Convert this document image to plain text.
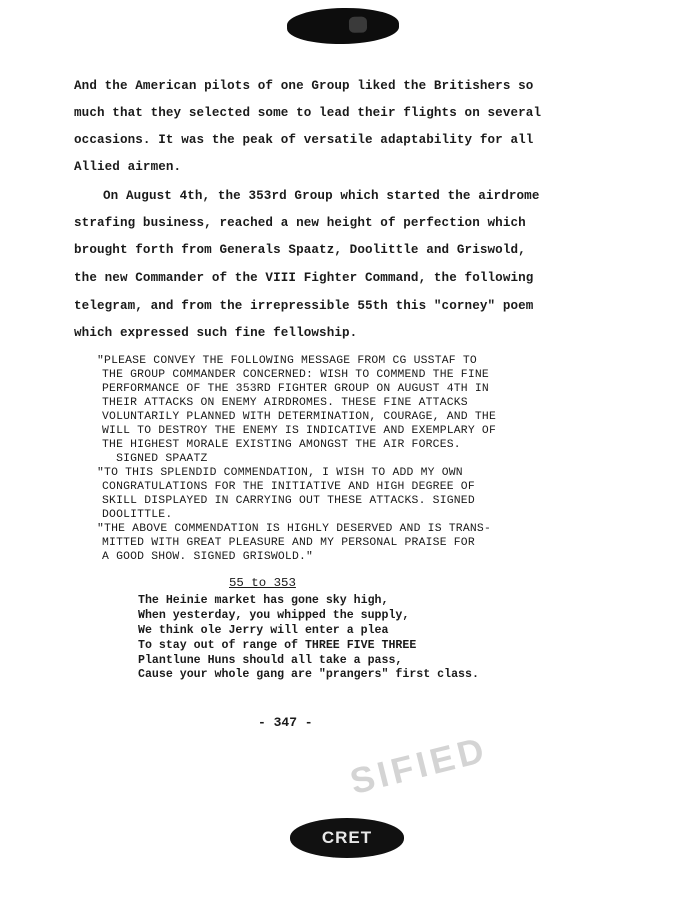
And the American pilots of one Group liked the Britishers so

much that they selected some to lead their flights on several

occasions. It was the peak of versatile adaptability for all

Allied airmen.

On August 4th, the 353rd Group which started the airdrome

strafing business, reached a new height of perfection which

brought forth from Generals Spaatz, Doolittle and Griswold,

the new Commander of the VIII Fighter Command, the following

telegram, and from the irrepressible 55th this "corney" poem

which expressed such fine fellowship.

"PLEASE CONVEY THE FOLLOWING MESSAGE FROM CG USSTAF TO

THE GROUP COMMANDER CONCERNED: WISH TO COMMEND THE FINE

PERFORMANCE OF THE 353RD FIGHTER GROUP ON AUGUST 4TH IN

THEIR ATTACKS ON ENEMY AIRDROMES. THESE FINE ATTACKS

VOLUNTARILY PLANNED WITH DETERMINATION, COURAGE, AND THE

WILL TO DESTROY THE ENEMY IS INDICATIVE AND EXEMPLARY OF

THE HIGHEST MORALE EXISTING AMONGST THE AIR FORCES.

SIGNED SPAATZ

"TO THIS SPLENDID COMMENDATION, I WISH TO ADD MY OWN

CONGRATULATIONS FOR THE INITIATIVE AND HIGH DEGREE OF

SKILL DISPLAYED IN CARRYING OUT THESE ATTACKS. SIGNED

DOOLITTLE.

"THE ABOVE COMMENDATION IS HIGHLY DESERVED AND IS TRANS-

MITTED WITH GREAT PLEASURE AND MY PERSONAL PRAISE FOR

A GOOD SHOW. SIGNED GRISWOLD."

55 to 353

The Heinie market has gone sky high,

When yesterday, you whipped the supply,

We think ole Jerry will enter a plea

To stay out of range of THREE FIVE THREE

Plantlune Huns should all take a pass,

Cause your whole gang are "prangers" first class.

- 347 -

SIFIED
CRET
